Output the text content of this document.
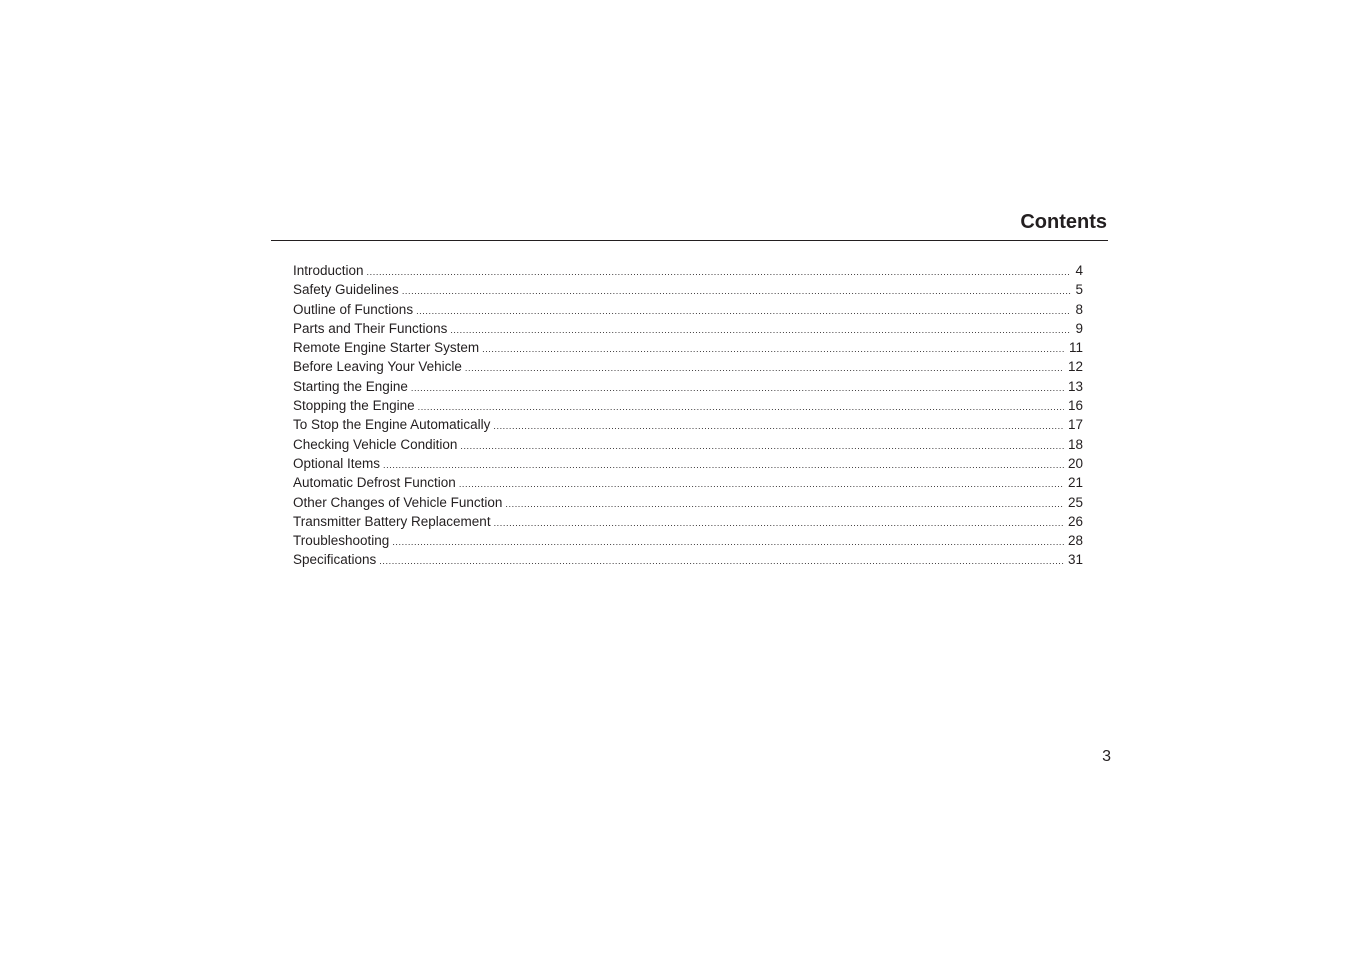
Contents
Introduction .....	4
Safety Guidelines .....	5
Outline of Functions .....	8
Parts and Their Functions .....	9
Remote Engine Starter System .....	11
Before Leaving Your Vehicle .....	12
Starting the Engine .....	13
Stopping the Engine .....	16
To Stop the Engine Automatically .....	17
Checking Vehicle Condition .....	18
Optional Items .....	20
Automatic Defrost Function .....	21
Other Changes of Vehicle Function .....	25
Transmitter Battery Replacement .....	26
Troubleshooting .....	28
Specifications .....	31
3
